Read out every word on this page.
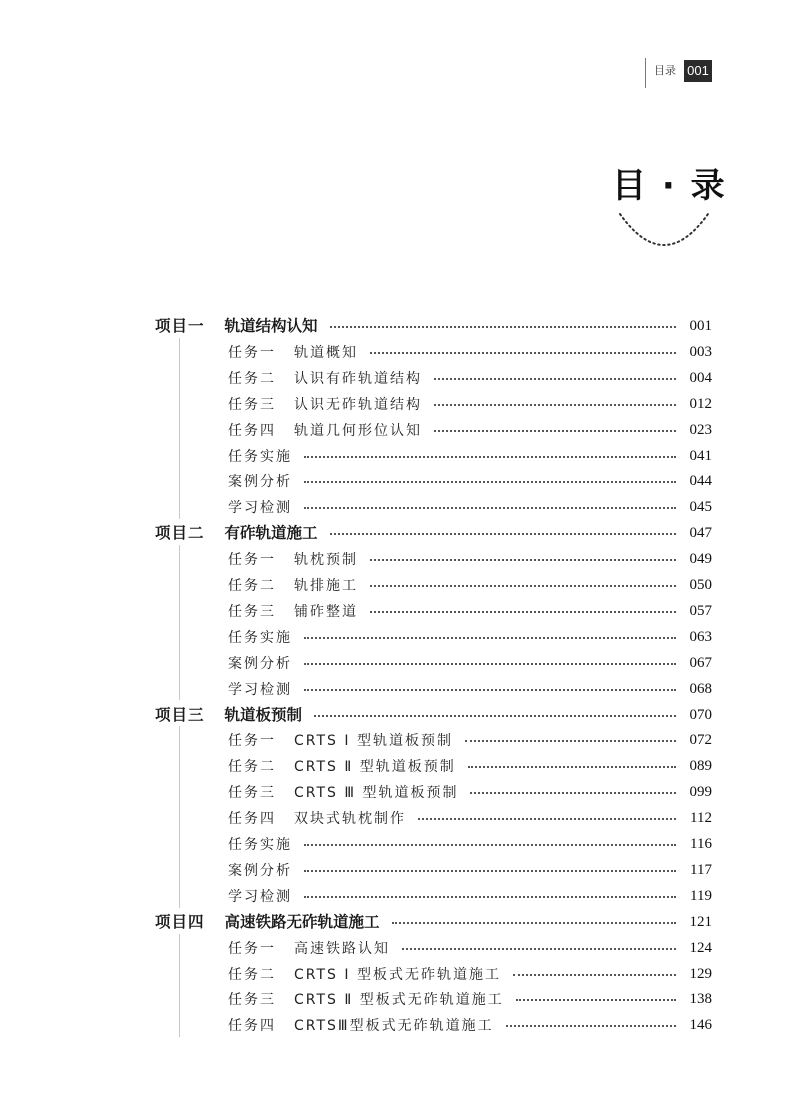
目录 001
目 · 录
项目一 轨道结构认知	001
任务一 轨道概知	003
任务二 认识有砟轨道结构	004
任务三 认识无砟轨道结构	012
任务四 轨道几何形位认知	023
任务实施	041
案例分析	044
学习检测	045
项目二 有砟轨道施工	047
任务一 轨枕预制	049
任务二 轨排施工	050
任务三 铺砟整道	057
任务实施	063
案例分析	067
学习检测	068
项目三 轨道板预制	070
任务一 CRTS Ⅰ 型轨道板预制	072
任务二 CRTS Ⅱ 型轨道板预制	089
任务三 CRTS Ⅲ 型轨道板预制	099
任务四 双块式轨枕制作	112
任务实施	116
案例分析	117
学习检测	119
项目四 高速铁路无砟轨道施工	121
任务一 高速铁路认知	124
任务二 CRTS Ⅰ 型板式无砟轨道施工	129
任务三 CRTS Ⅱ 型板式无砟轨道施工	138
任务四 CRTSⅢ型板式无砟轨道施工	146
